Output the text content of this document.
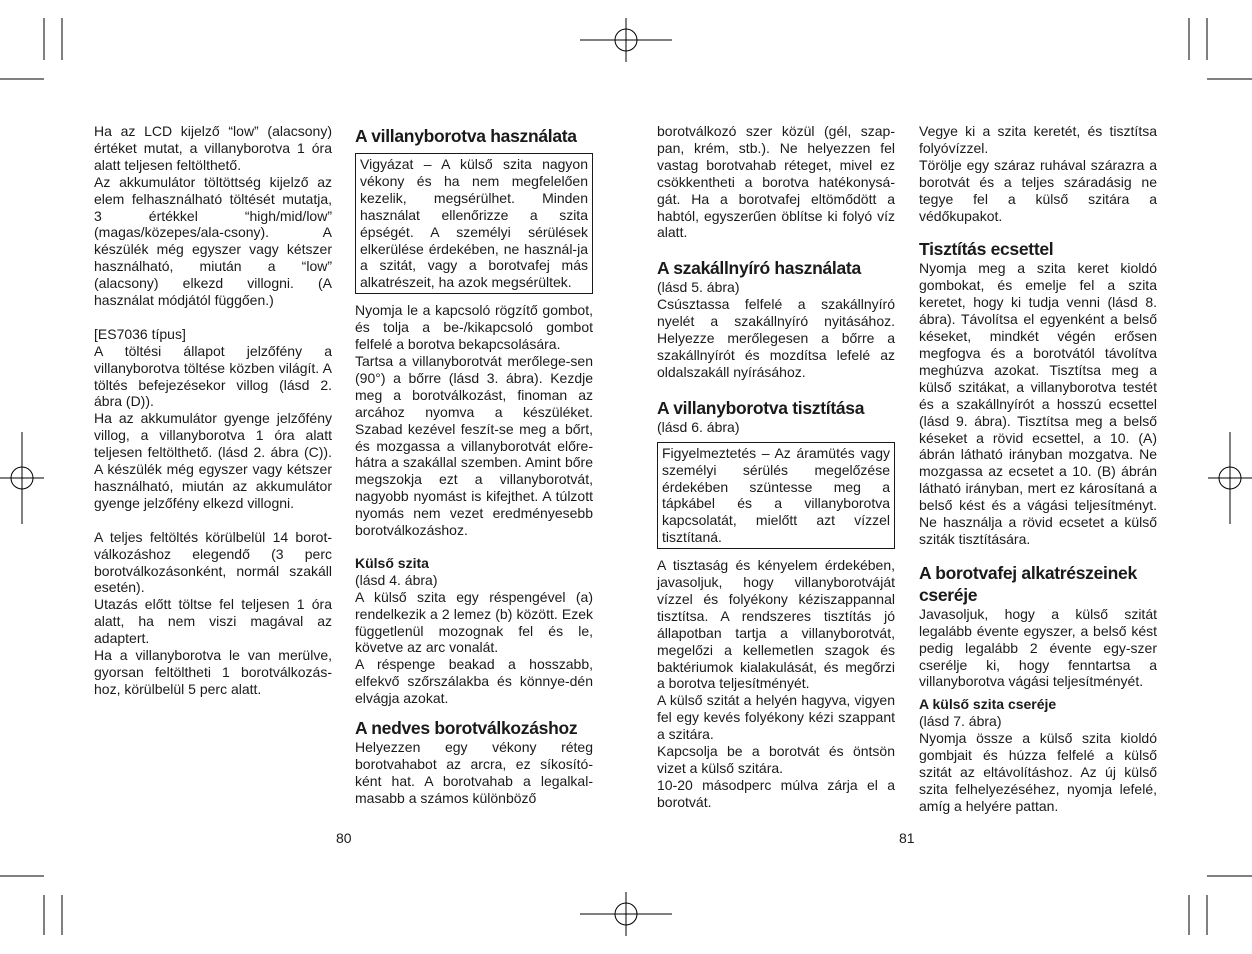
Ha az LCD kijelző “low” (alacsony) értéket mutat, a villanyborotva 1 óra alatt teljesen feltölthető.

Az akkumulátor töltöttség kijelző az elem felhasználható töltését mutatja, 3 értékkel “high/mid/low” (magas/közepes/ala-csony). A készülék még egyszer vagy kétszer használható, miután a “low” (alacsony) elkezd villogni. (A használat módjától függően.)

[ES7036 típus]

A töltési állapot jelzőfény a villanyborotva töltése közben világít. A töltés befejezésekor villog (lásd 2. ábra (D)).

Ha az akkumulátor gyenge jelzőfény villog, a villanyborotva 1 óra alatt teljesen feltölthető. (lásd 2. ábra (C)). A készülék még egyszer vagy kétszer használható, miután az akkumulátor gyenge jelzőfény elkezd villogni.

A teljes feltöltés körülbelül 14 borot-válkozáshoz elegendő (3 perc borotválkozásonként, normál szakáll esetén).

Utazás előtt töltse fel teljesen 1 óra alatt, ha nem viszi magával az adaptert.

Ha a villanyborotva le van merülve, gyorsan feltöltheti 1 borotválkozás-hoz, körülbelül 5 perc alatt.

A villanyborotva használata

Vigyázat – A külső szita nagyon vékony és ha nem megfelelően kezelik, megsérülhet. Minden használat ellenőrizze a szita épségét. A személyi sérülések elkerülése érdekében, ne használ-ja a szitát, vagy a borotvafej más alkatrészeit, ha azok megsérültek.

Nyomja le a kapcsoló rögzítő gombot, és tolja a be-/kikapcsoló gombot felfelé a borotva bekapcsolására.

Tartsa a villanyborotvát merőlege-sen (90°) a bőrre (lásd 3. ábra). Kezdje meg a borotválkozást, finoman az arcához nyomva a készüléket. Szabad kezével feszít-se meg a bőrt, és mozgassa a villanyborotvát előre-hátra a szakállal szemben. Amint bőre megszokja ezt a villanyborotvát, nagyobb nyomást is kifejthet. A túlzott nyomás nem vezet eredményesebb borotválkozáshoz.

Külső szita

(lásd 4. ábra)

A külső szita egy réspengével (a) rendelkezik a 2 lemez (b) között. Ezek függetlenül mozognak fel és le, követve az arc vonalát.

A réspenge beakad a hosszabb, elfekvő szőrszálakba és könnye-dén elvágja azokat.

A nedves borotválkozáshoz

Helyezzen egy vékony réteg borotvahabot az arcra, ez síkosító-ként hat. A borotvahab a legalkal-masabb a számos különböző

80

borotválkozó szer közül (gél, szap-pan, krém, stb.). Ne helyezzen fel vastag borotvahab réteget, mivel ez csökkentheti a borotva hatékonysá-gát. Ha a borotvafej eltömődött a habtól, egyszerűen öblítse ki folyó víz alatt.

A szakállnyíró használata

(lásd 5. ábra)

Csúsztassa felfelé a szakállnyíró nyelét a szakállnyíró nyitásához. Helyezze merőlegesen a bőrre a szakállnyírót és mozdítsa lefelé az oldalszakáll nyírásához.

A villanyborotva tisztítása

(lásd 6. ábra)

Figyelmeztetés – Az áramütés vagy személyi sérülés megelőzése érdekében szüntesse meg a tápkábel és a villanyborotva kapcsolatát, mielőtt azt vízzel tisztítaná.

A tisztaság és kényelem érdekében, javasoljuk, hogy villanyborotváját vízzel és folyékony kéziszappannal tisztítsa. A rendszeres tisztítás jó állapotban tartja a villanyborotvát, megelőzi a kellemetlen szagok és baktériumok kialakulását, és megőrzi a borotva teljesítményét.

A külső szitát a helyén hagyva, vigyen fel egy kevés folyékony kézi szappant a szitára.

Kapcsolja be a borotvát és öntsön vizet a külső szitára.

10-20 másodperc múlva zárja el a borotvát.

Vegye ki a szita keretét, és tisztítsa folyóvízzel.

Törölje egy száraz ruhával szárazra a borotvát és a teljes száradásig ne tegye fel a külső szitára a védőkupakot.

Tisztítás ecsettel

Nyomja meg a szita keret kioldó gombokat, és emelje fel a szita keretet, hogy ki tudja venni (lásd 8. ábra). Távolítsa el egyenként a belső késeket, mindkét végén erősen megfogva és a borotvától távolítva meghúzva azokat. Tisztítsa meg a külső szitákat, a villanyborotva testét és a szakállnyírót a hosszú ecsettel (lásd 9. ábra). Tisztítsa meg a belső késeket a rövid ecsettel, a 10. (A) ábrán látható irányban mozgatva. Ne mozgassa az ecsetet a 10. (B) ábrán látható irányban, mert ez károsítaná a belső kést és a vágási teljesítményt. Ne használja a rövid ecsetet a külső sziták tisztítására.

A borotvafej alkatrészeinek cseréje

Javasoljuk, hogy a külső szitát legalább évente egyszer, a belső kést pedig legalább 2 évente egy-szer cserélje ki, hogy fenntartsa a villanyborotva vágási teljesítményét.

A külső szita cseréje

(lásd 7. ábra)

Nyomja össze a külső szita kioldó gombjait és húzza felfelé a külső szitát az eltávolításhoz. Az új külső szita felhelyezéséhez, nyomja lefelé, amíg a helyére pattan.

81
